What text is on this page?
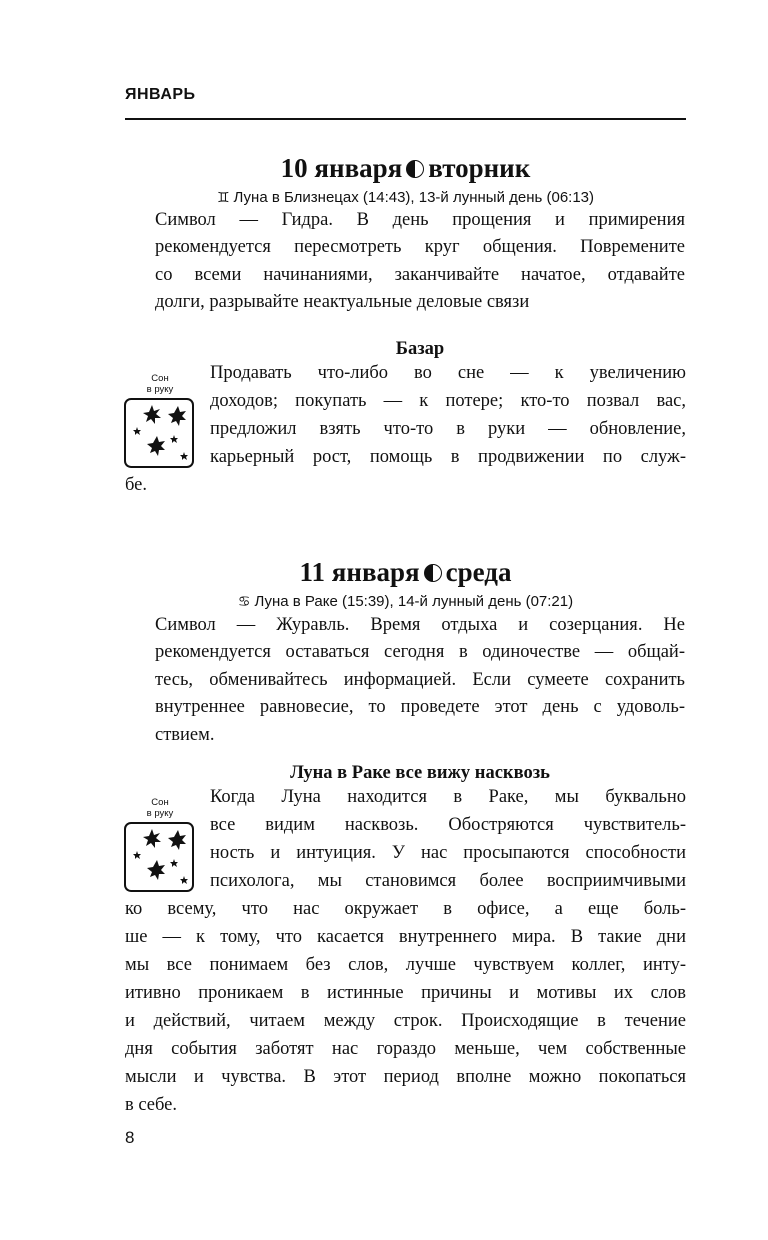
ЯНВАРЬ
10 января вторник
♊ Луна в Близнецах (14:43), 13-й лунный день (06:13)

Символ — Гидра. В день прощения и примирения
рекомендуется пересмотреть круг общения. Повремените
со всеми начинаниями, заканчивайте начатое, отдавайте
долги, разрывайте неактуальные деловые связи

Базар
Сон
в руку

Продавать что-либо во сне — к увеличению
доходов; покупать — к потере; кто-то позвал вас,
предложил взять что-то в руки — обновление,
карьерный рост, помощь в продвижении по служ-
бе.

11 января среда
♋ Луна в Раке (15:39), 14-й лунный день (07:21)

Символ — Журавль. Время отдыха и созерцания. Не
рекомендуется оставаться сегодня в одиночестве — общай-
тесь, обменивайтесь информацией. Если сумеете сохранить
внутреннее равновесие, то проведете этот день с удоволь-
ствием.

Луна в Раке все вижу насквозь
Сон
в руку

Когда Луна находится в Раке, мы буквально
все видим насквозь. Обостряются чувствитель-
ность и интуиция. У нас просыпаются способности
психолога, мы становимся более восприимчивыми
ко всему, что нас окружает в офисе, а еще боль-
ше — к тому, что касается внутреннего мира. В такие дни
мы все понимаем без слов, лучше чувствуем коллег, инту-
итивно проникаем в истинные причины и мотивы их слов
и действий, читаем между строк. Происходящие в течение
дня события заботят нас гораздо меньше, чем собственные
мысли и чувства. В этот период вполне можно покопаться
в себе.

8
